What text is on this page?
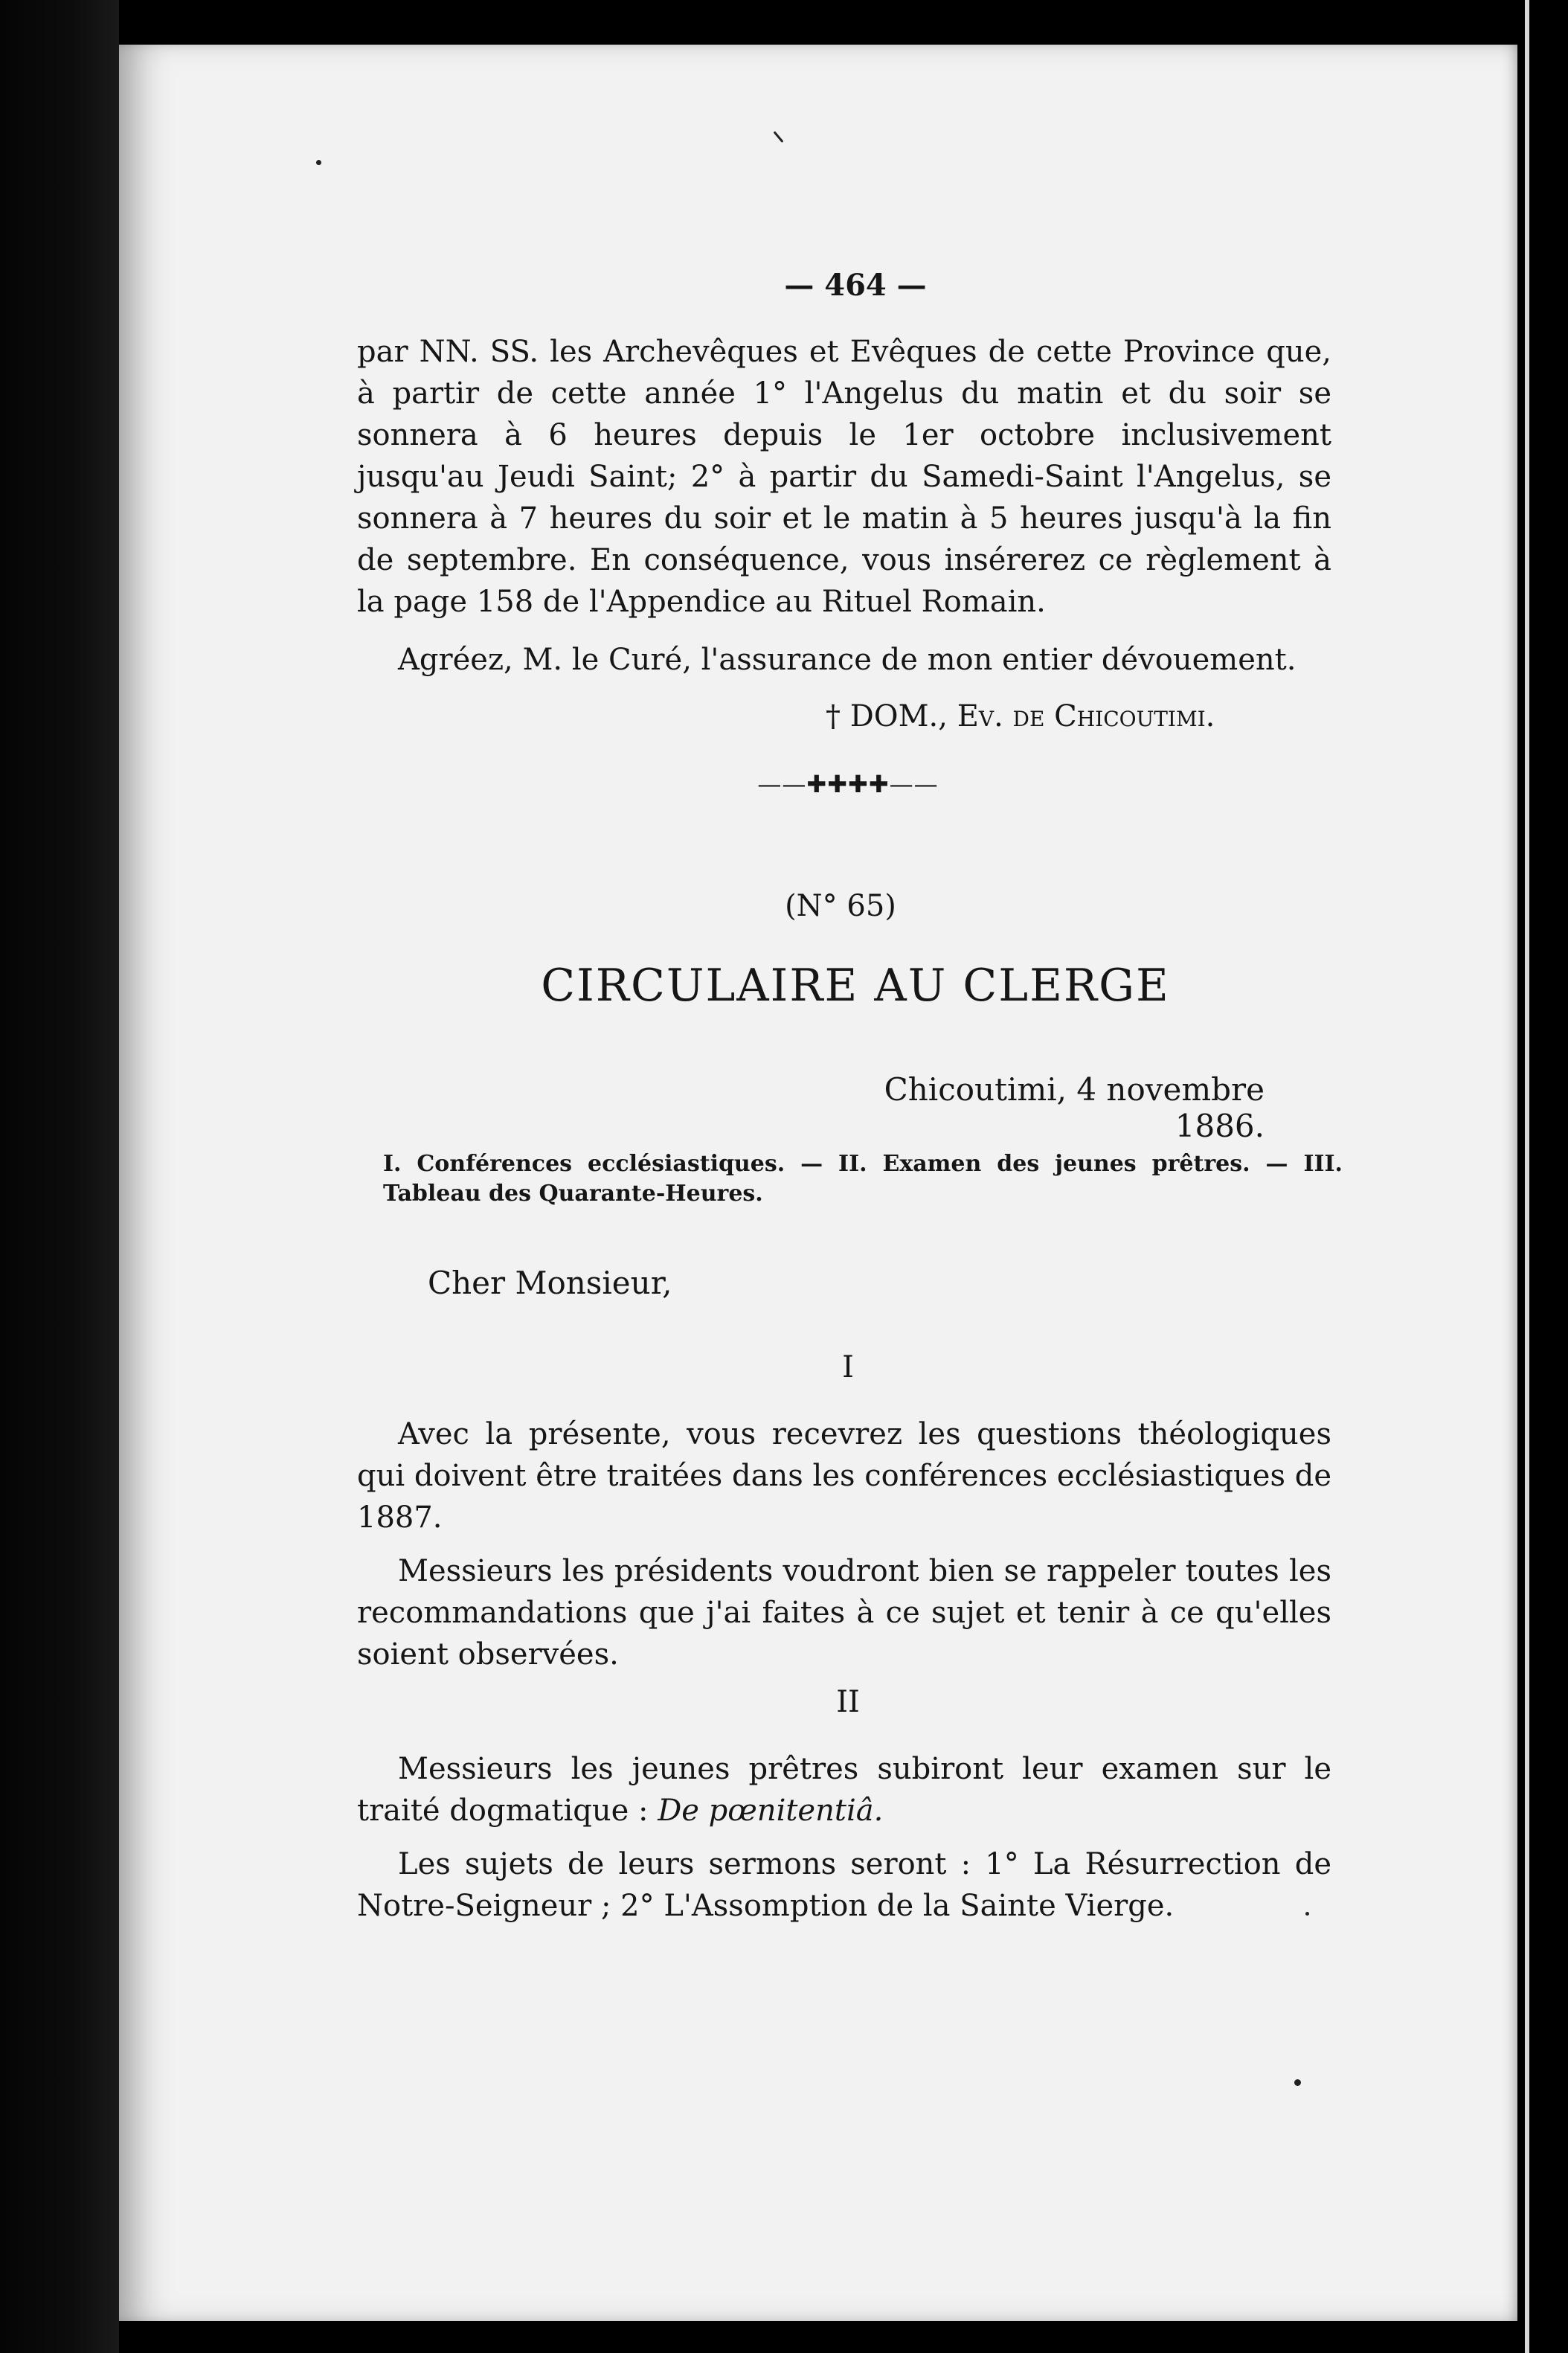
— 464 —

par NN. SS. les Archevêques et Evêques de cette Province que, à partir de cette année 1° l'Angelus du matin et du soir se sonnera à 6 heures depuis le 1er octobre inclusivement jusqu'au Jeudi Saint; 2° à partir du Samedi-Saint l'Angelus, se sonnera à 7 heures du soir et le matin à 5 heures jusqu'à la fin de septembre. En conséquence, vous insérerez ce règlement à la page 158 de l'Appendice au Rituel Romain.

Agréez, M. le Curé, l'assurance de mon entier dévouement.

† DOM., Ev. de Chicoutimi.
——✚✚✚✚——
(N° 65)
CIRCULAIRE AU CLERGE
Chicoutimi, 4 novembre 1886.
I. Conférences ecclésiastiques. — II. Examen des jeunes prêtres. — III. Tableau des Quarante-Heures.
Cher Monsieur,
I

Avec la présente, vous recevrez les questions théologiques qui doivent être traitées dans les conférences ecclésiastiques de 1887.

Messieurs les présidents voudront bien se rappeler toutes les recommandations que j'ai faites à ce sujet et tenir à ce qu'elles soient observées.

II

Messieurs les jeunes prêtres subiront leur examen sur le traité dogmatique : De pœnitentiâ.

Les sujets de leurs sermons seront : 1° La Résurrection de Notre-Seigneur ; 2° L'Assomption de la Sainte Vierge.
